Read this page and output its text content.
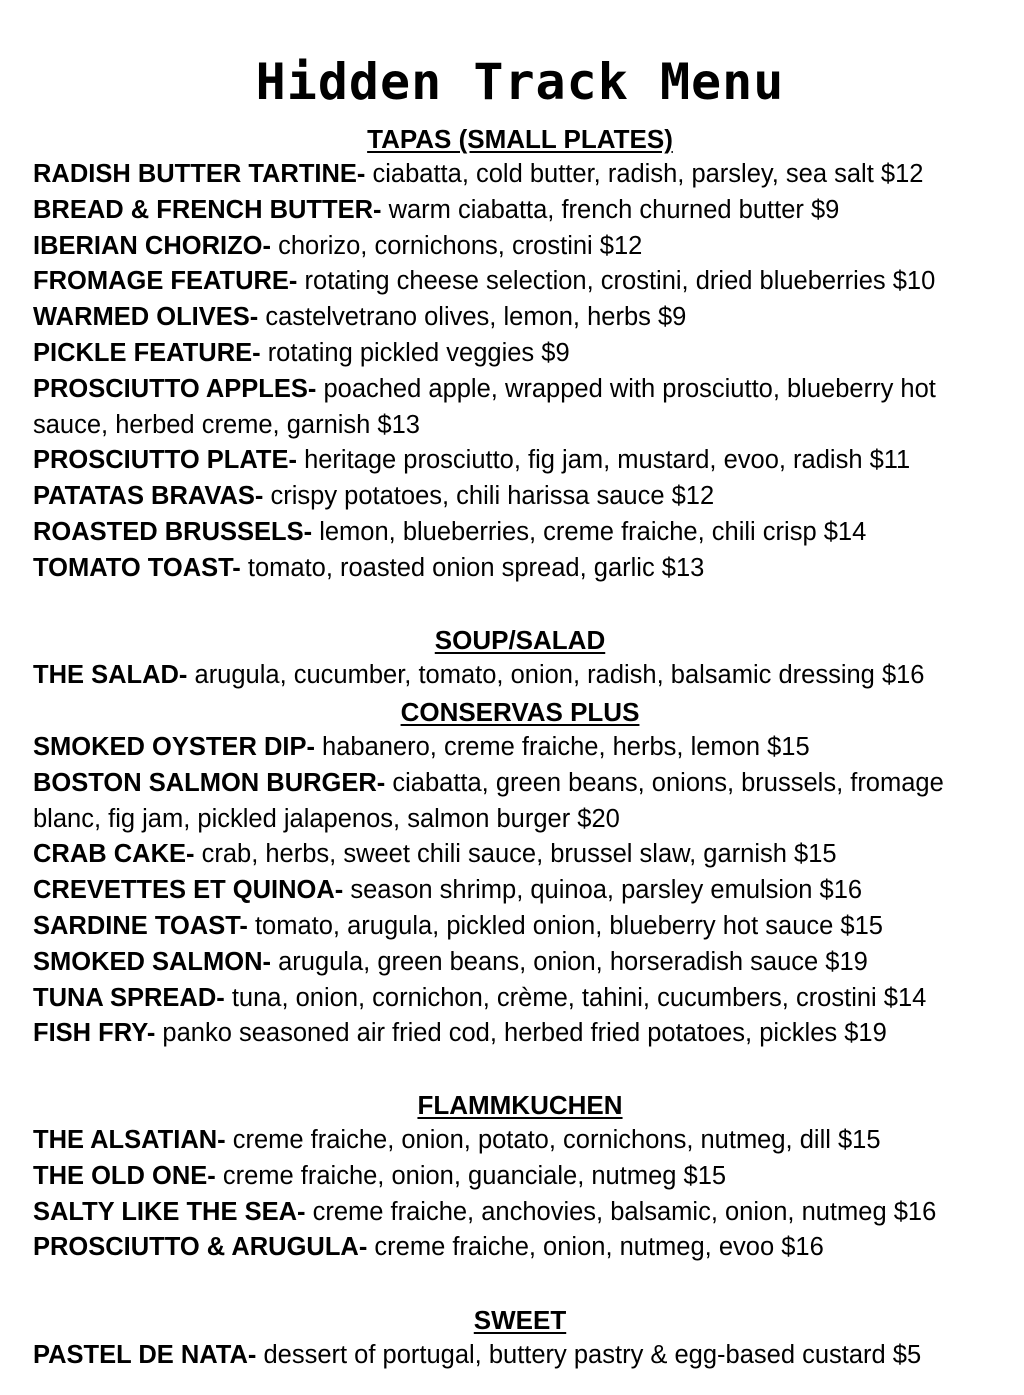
Hidden Track Menu
TAPAS (SMALL PLATES)
RADISH BUTTER TARTINE- ciabatta, cold butter, radish, parsley, sea salt $12
BREAD & FRENCH BUTTER- warm ciabatta, french churned butter $9
IBERIAN CHORIZO- chorizo, cornichons, crostini $12
FROMAGE FEATURE- rotating cheese selection, crostini, dried blueberries $10
WARMED OLIVES- castelvetrano olives, lemon, herbs $9
PICKLE FEATURE- rotating pickled veggies $9
PROSCIUTTO APPLES- poached apple, wrapped with prosciutto, blueberry hot sauce, herbed creme, garnish $13
PROSCIUTTO PLATE- heritage prosciutto, fig jam, mustard, evoo, radish $11
PATATAS BRAVAS- crispy potatoes, chili harissa sauce $12
ROASTED BRUSSELS- lemon, blueberries, creme fraiche, chili crisp $14
TOMATO TOAST- tomato, roasted onion spread, garlic $13
SOUP/SALAD
THE SALAD- arugula, cucumber, tomato, onion, radish, balsamic dressing $16
CONSERVAS PLUS
SMOKED OYSTER DIP- habanero, creme fraiche, herbs, lemon $15
BOSTON SALMON BURGER- ciabatta, green beans, onions, brussels, fromage blanc, fig jam, pickled jalapenos, salmon burger $20
CRAB CAKE- crab, herbs, sweet chili sauce, brussel slaw, garnish $15
CREVETTES ET QUINOA- season shrimp, quinoa, parsley emulsion $16
SARDINE TOAST- tomato, arugula, pickled onion, blueberry hot sauce $15
SMOKED SALMON- arugula, green beans, onion, horseradish sauce $19
TUNA SPREAD- tuna, onion, cornichon, crème, tahini, cucumbers, crostini $14
FISH FRY- panko seasoned air fried cod, herbed fried potatoes, pickles $19
FLAMMKUCHEN
THE ALSATIAN- creme fraiche, onion, potato, cornichons, nutmeg, dill $15
THE OLD ONE- creme fraiche, onion, guanciale, nutmeg $15
SALTY LIKE THE SEA- creme fraiche, anchovies, balsamic, onion, nutmeg $16
PROSCIUTTO & ARUGULA- creme fraiche, onion, nutmeg, evoo $16
SWEET
PASTEL DE NATA- dessert of portugal, buttery pastry & egg-based custard $5
